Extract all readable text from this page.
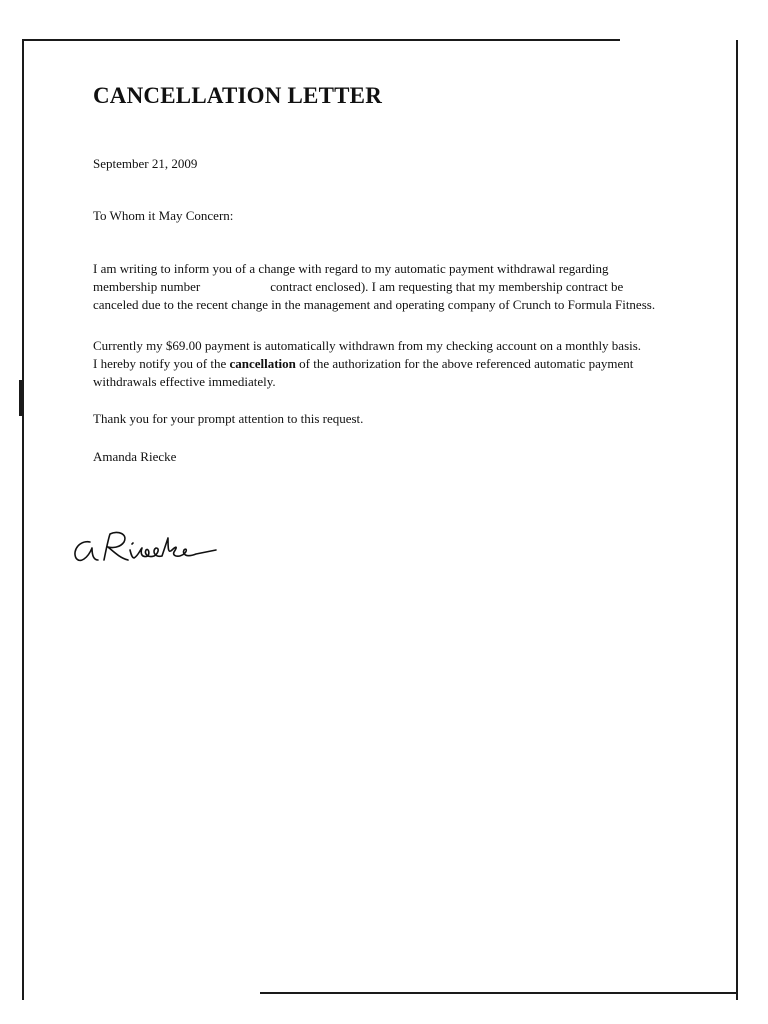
CANCELLATION LETTER

September 21, 2009

To Whom it May Concern:

I am writing to inform you of a change with regard to my automatic payment withdrawal regarding
membership number	contract enclosed). I am requesting that my membership contract be
canceled due to the recent change in the management and operating company of Crunch to Formula Fitness.
Currently my $69.00 payment is automatically withdrawn from my checking account on a monthly basis.
I hereby notify you of the cancellation of the authorization for the above referenced automatic payment
withdrawals effective immediately.

Thank you for your prompt attention to this request.

Amanda Riecke
